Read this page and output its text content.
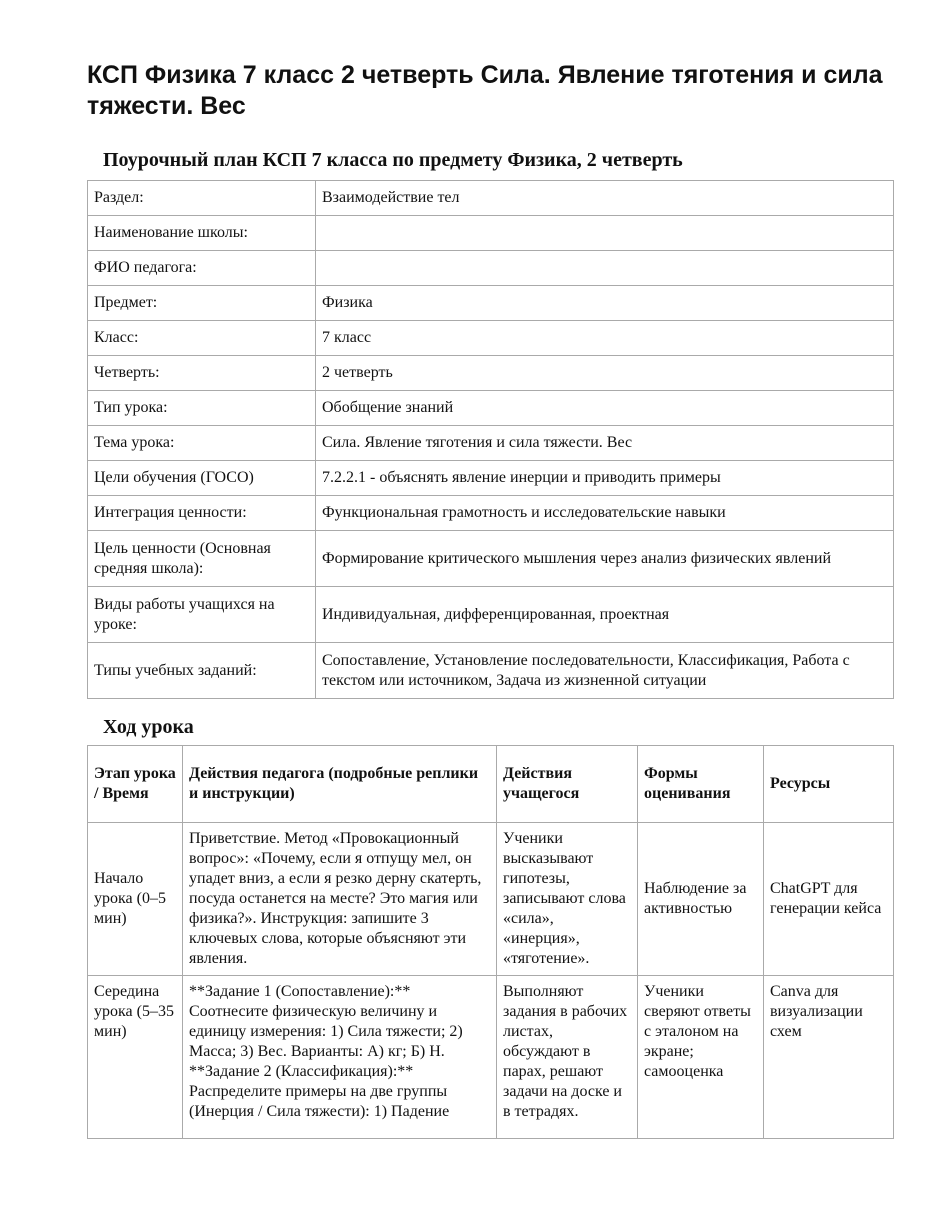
КСП Физика 7 класс 2 четверть Сила. Явление тяготения и сила тяжести. Вес
Поурочный план КСП 7 класса по предмету Физика, 2 четверть
Раздел:	Взаимодействие тел
Наименование школы:	
ФИО педагога:	
Предмет:	Физика
Класс:	7 класс
Четверть:	2 четверть
Тип урока:	Обобщение знаний
Тема урока:	Сила. Явление тяготения и сила тяжести. Вес
Цели обучения (ГОСО)	7.2.2.1 - объяснять явление инерции и приводить примеры
Интеграция ценности:	Функциональная грамотность и исследовательские навыки
Цель ценности (Основная средняя школа):	Формирование критического мышления через анализ физических явлений
Виды работы учащихся на уроке:	Индивидуальная, дифференцированная, проектная
Типы учебных заданий:	Сопоставление, Установление последовательности, Классификация, Работа с текстом или источником, Задача из жизненной ситуации
Ход урока
Этап урока / Время	Действия педагога (подробные реплики и инструкции)	Действия учащегося	Формы оценивания	Ресурсы
Начало урока (0–5 мин)	Приветствие. Метод «Провокационный вопрос»: «Почему, если я отпущу мел, он упадет вниз, а если я резко дерну скатерть, посуда останется на месте? Это магия или физика?». Инструкция: запишите 3 ключевых слова, которые объясняют эти явления.	Ученики высказывают гипотезы, записывают слова «сила», «инерция», «тяготение».	Наблюдение за активностью	ChatGPT для генерации кейса

Середина урока (5–35 мин)	**Задание 1 (Сопоставление):** Соотнесите физическую величину и единицу измерения: 1) Сила тяжести; 2) Масса; 3) Вес. Варианты: А) кг; Б) Н. **Задание 2 (Классификация):** Распределите примеры на две группы (Инерция / Сила тяжести): 1) Падение	Выполняют задания в рабочих листах, обсуждают в парах, решают задачи на доске и в тетрадях.	Ученики сверяют ответы с эталоном на экране; самооценка	Canva для визуализации схем
